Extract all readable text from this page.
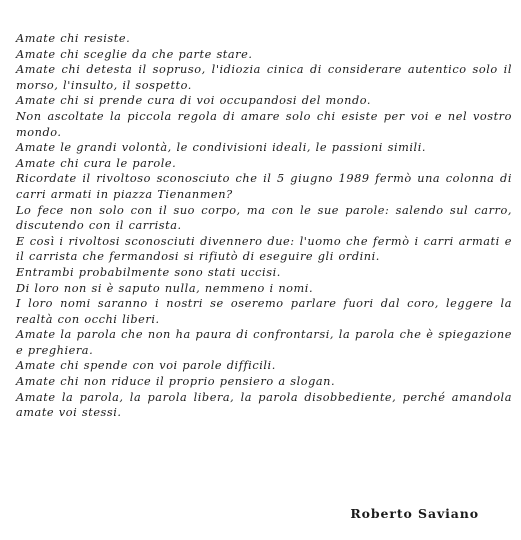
Amate chi resiste.

Amate chi sceglie da che parte stare.

Amate chi detesta il sopruso, l'idiozia cinica di considerare autentico solo il morso, l'insulto, il sospetto.

Amate chi si prende cura di voi occupandosi del mondo.

Non ascoltate la piccola regola di amare solo chi esiste per voi e nel vostro mondo.

Amate le grandi volontà, le condivisioni ideali, le passioni simili.

Amate chi cura le parole.

Ricordate il rivoltoso sconosciuto che il 5 giugno 1989 fermò una colonna di carri armati in piazza Tienanmen?

Lo fece non solo con il suo corpo, ma con le sue parole: salendo sul carro, discutendo con il carrista.

E così i rivoltosi sconosciuti divennero due: l'uomo che fermò i carri armati e il carrista che fermandosi si rifiutò di eseguire gli ordini.

Entrambi probabilmente sono stati uccisi.

Di loro non si è saputo nulla, nemmeno i nomi.

I loro nomi saranno i nostri se oseremo parlare fuori dal coro, leggere la realtà con occhi liberi.

Amate la parola che non ha paura di confrontarsi, la parola che è spiegazione e preghiera.

Amate chi spende con voi parole difficili.

Amate chi non riduce il proprio pensiero a slogan.

Amate la parola, la parola libera, la parola disobbediente, perché amandola amate voi stessi.

Roberto Saviano
